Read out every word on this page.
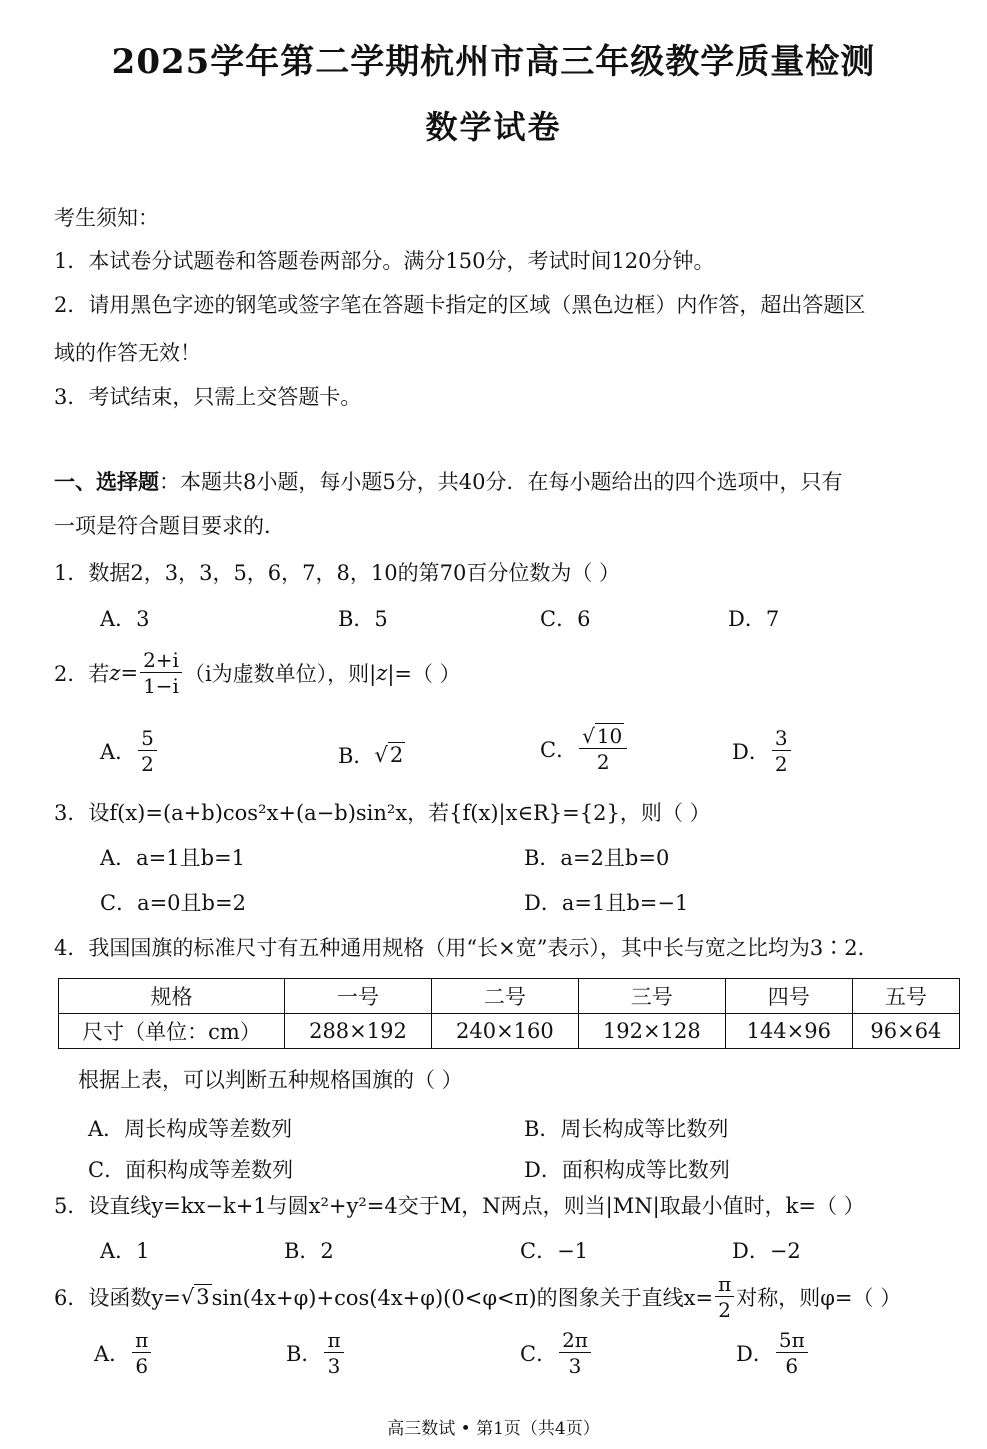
2025学年第二学期杭州市高三年级教学质量检测
数学试卷
考生须知：
1．本试卷分试题卷和答题卷两部分。满分150分，考试时间120分钟。
2．请用黑色字迹的钢笔或签字笔在答题卡指定的区域（黑色边框）内作答，超出答题区
域的作答无效！
3．考试结束，只需上交答题卡。
一、选择题：本题共8小题，每小题5分，共40分．在每小题给出的四个选项中，只有
一项是符合题目要求的．
1．数据2，3，3，5，6，7，8，10的第70百分位数为（ ）
A．3	B．5	C．6	D．7
2．若 $z = \frac{2+i}{1-i} (i$为虚数单位），则| z |=（ ）
A． $\frac{5}{2}$	B． √2	C． $\frac{√ 10}{2}$	D． $\frac{3}{2}$
3．设f(x)=(a+b)cos²x+(a−b)sin²x，若{f(x)|x∈R}={2}，则（ ）
A．a=1且b=1	B．a=2且b=0
C．a=0且b=2	D．a=1且b=−1
4．我国国旗的标准尺寸有五种通用规格（用“长×宽”表示），其中长与宽之比均为3∶2．
规格	一号	二号	三号	四号	五号
尺寸（单位：cm）	288×192	240×160	192×128	144×96	96×64
根据上表，可以判断五种规格国旗的（ ）
A．周长构成等差数列	B．周长构成等比数列
C．面积构成等差数列	D．面积构成等比数列
5．设直线y=kx−k+1与圆x²+y²=4交于M，N两点，则当|MN|取最小值时，k=（ ）
A．1	B．2	C．−1	D．−2
6．设函数y= √3 sin(4x+φ)+cos(4x+φ)(0<φ<π)的图象关于直线$x= \frac{\pi}{2}$ 对称，则φ=（ ）
A． $\frac{\pi}{6}$	B． $\frac{\pi}{3}$	C． $\frac{2\pi}{3}$	D． $\frac{5\pi}{6}$
高三数试 • 第1页（共4页）
